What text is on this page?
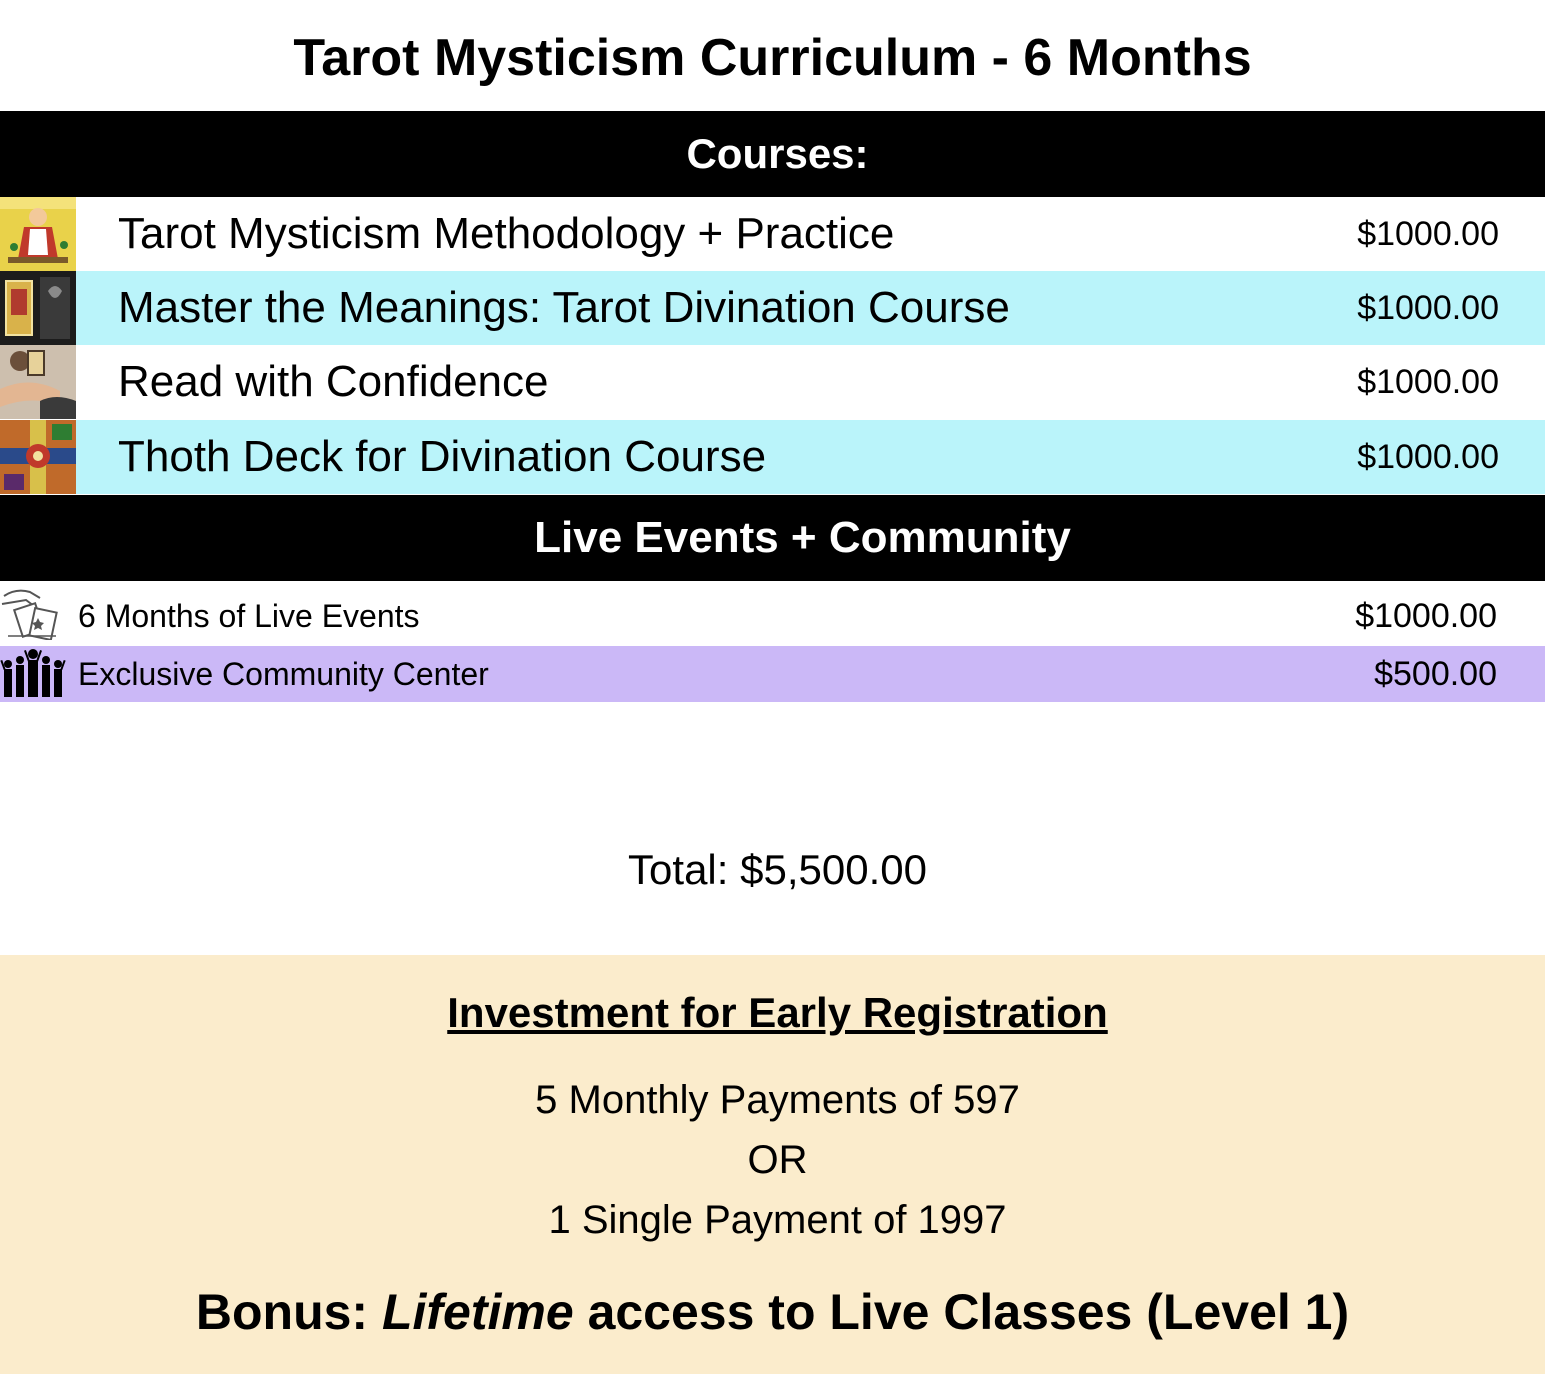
Tarot Mysticism Curriculum - 6 Months
Courses:
Tarot Mysticism Methodology + Practice	$1000.00
Master the Meanings: Tarot Divination Course	$1000.00
Read with Confidence	$1000.00
Thoth Deck for Divination Course	$1000.00
Live Events + Community
6 Months of Live Events	$1000.00
Exclusive Community Center	$500.00
Total: $5,500.00
Investment for Early Registration
5 Monthly Payments of 597
OR
1 Single Payment of 1997
Bonus: Lifetime access to Live Classes (Level 1)
